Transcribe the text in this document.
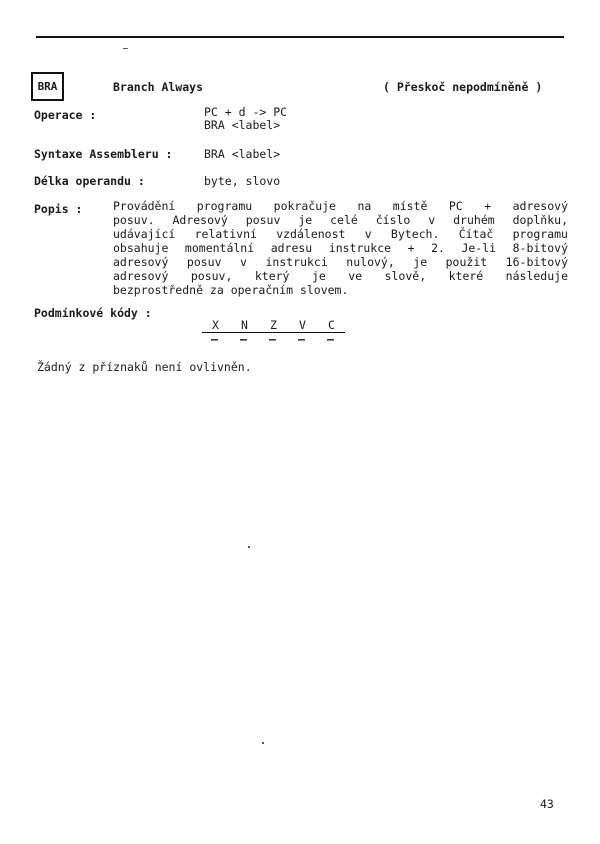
BRA	Branch Always	( Přeskoč nepodmíněně )
Operace :	PC + d -> PC
BRA <label>
Syntaxe Assembleru :	BRA <label>
Délka operandu :	byte, slovo
Popis :	Provádění programu pokračuje na místě PC + adresový
posuv. Adresový posuv je celé číslo v druhém doplňku,
udávající relativní vzdálenost v Bytech. Čítač programu
obsahuje momentální adresu instrukce + 2. Je-li 8-bitový
adresový posuv v instrukci nulový, je použit 16-bitový
adresový posuv, který je ve slově, které následuje
bezprostředně za operačním slovem.
Podmínkové kódy :
X N Z V C
– – – – –
Žádný z příznaků není ovlivněn.
43
